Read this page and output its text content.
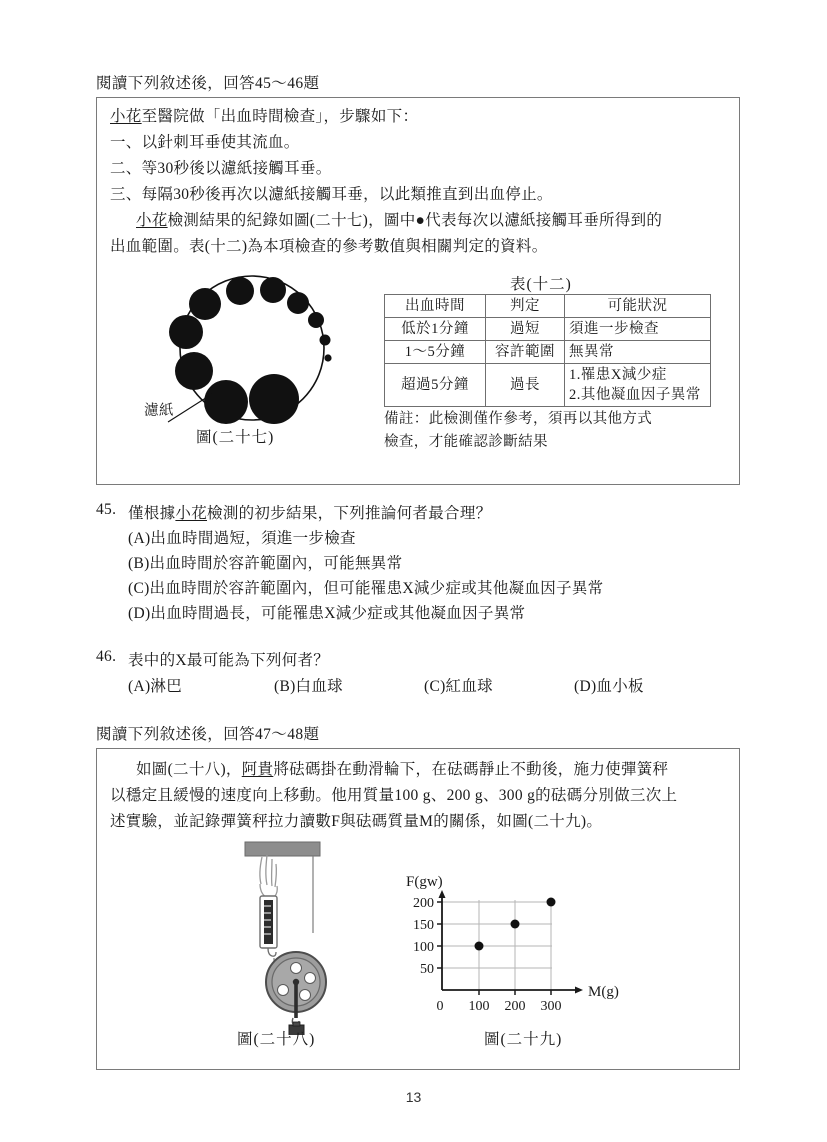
閱讀下列敘述後，回答45～46題
小花至醫院做「出血時間檢查」，步驟如下：
一、以針刺耳垂使其流血。
二、等30秒後以濾紙接觸耳垂。
三、每隔30秒後再次以濾紙接觸耳垂，以此類推直到出血停止。
小花檢測結果的紀錄如圖(二十七)，圖中●代表每次以濾紙接觸耳垂所得到的
出血範圍。表(十二)為本項檢查的參考數值與相關判定的資料。
濾紙
圖(二十七)
表(十二)
出血時間	判定	可能狀況
低於1分鐘	過短	須進一步檢查
1～5分鐘	容許範圍	無異常
超過5分鐘	過長	1.罹患X減少症
2.其他凝血因子異常
備註：此檢測僅作參考，須再以其他方式
檢查，才能確認診斷結果
45. 僅根據小花檢測的初步結果，下列推論何者最合理？
(A)出血時間過短，須進一步檢查
(B)出血時間於容許範圍內，可能無異常
(C)出血時間於容許範圍內，但可能罹患X減少症或其他凝血因子異常
(D)出血時間過長，可能罹患X減少症或其他凝血因子異常
46. 表中的X最可能為下列何者？
(A)淋巴	(B)白血球	(C)紅血球	(D)血小板
閱讀下列敘述後，回答47～48題
如圖(二十八)，阿貴將砝碼掛在動滑輪下，在砝碼靜止不動後，施力使彈簧秤
以穩定且緩慢的速度向上移動。他用質量100 g、200 g、300 g的砝碼分別做三次上
述實驗，並記錄彈簧秤拉力讀數F與砝碼質量M的關係，如圖(二十九)。
圖(二十八)
F(gw)
200
150
100
50
0 100 200 300
M(g)
圖(二十九)
13
